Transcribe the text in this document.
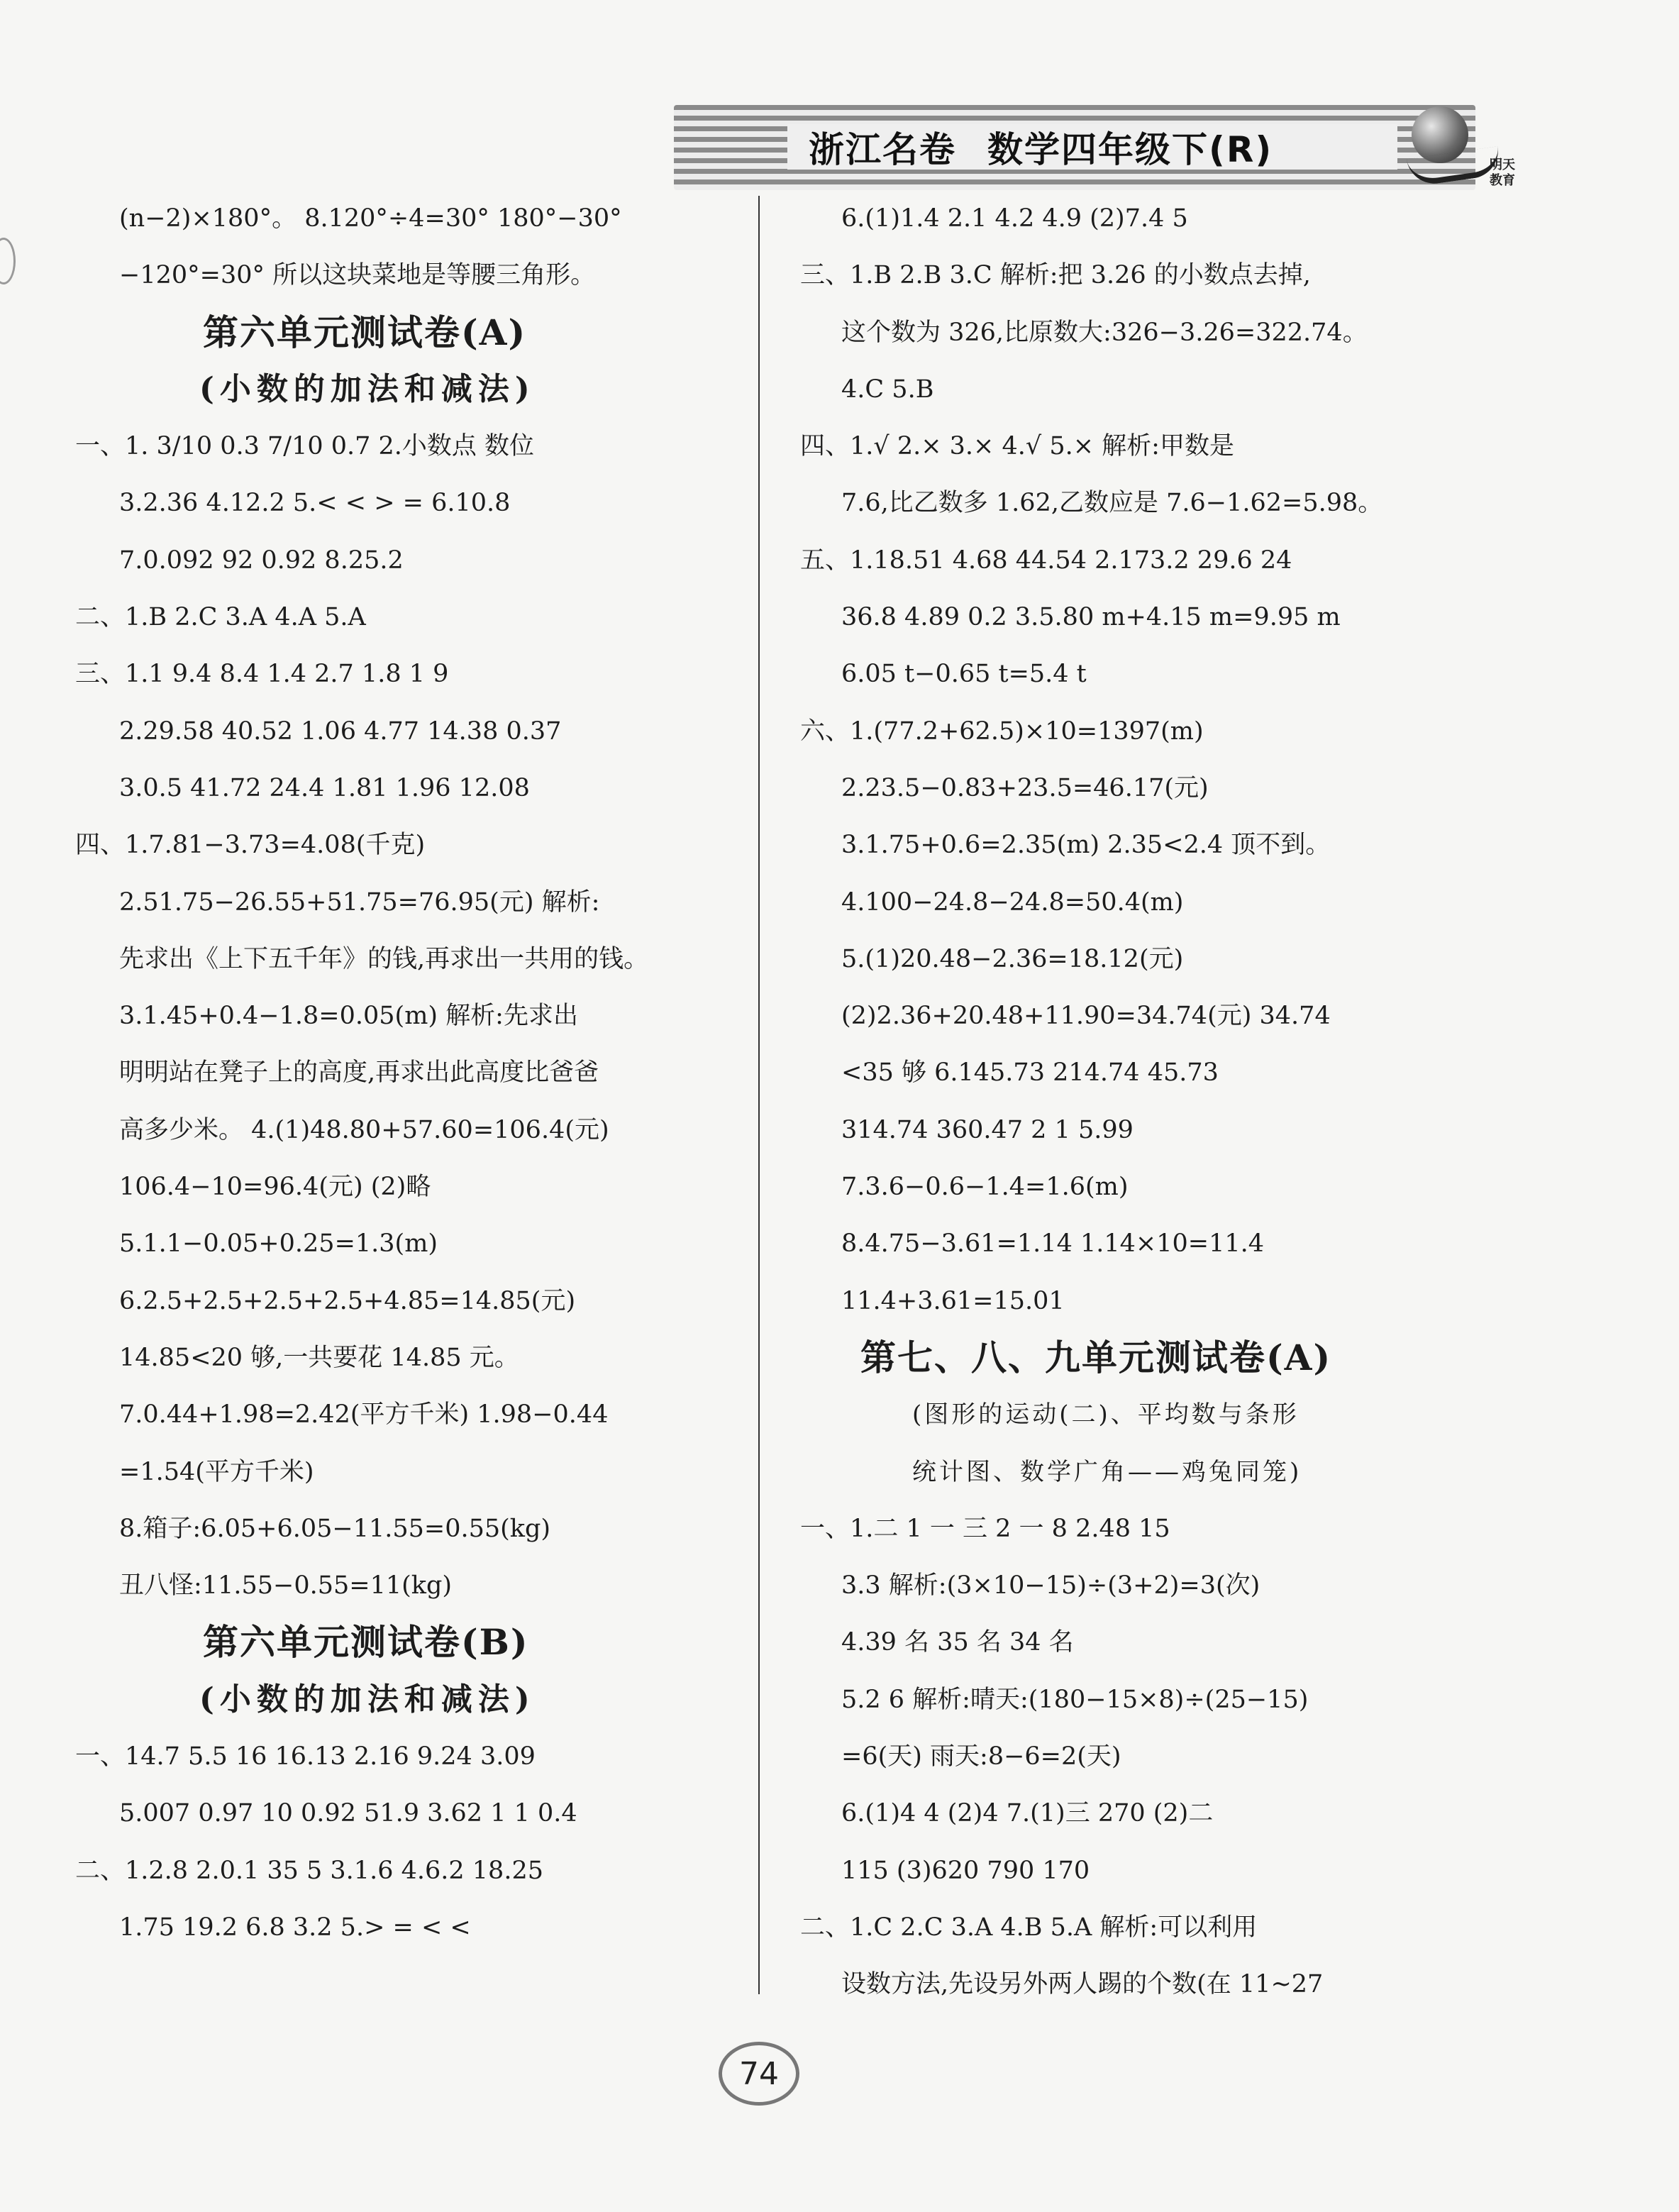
浙江名卷 数学四年级下(R)	明天教育
(n−2)×180°。 8.120°÷4=30° 180°−30°
−120°=30° 所以这块菜地是等腰三角形。
第六单元测试卷(A)
(小数的加法和减法)
一、1. 3/10 0.3 7/10 0.7 2.小数点 数位
3.2.36 4.12.2 5.< < > = 6.10.8
7.0.092 92 0.92 8.25.2
二、1.B 2.C 3.A 4.A 5.A
三、1.1 9.4 8.4 1.4 2.7 1.8 1 9
2.29.58 40.52 1.06 4.77 14.38 0.37
3.0.5 41.72 24.4 1.81 1.96 12.08
四、1.7.81−3.73=4.08(千克)
2.51.75−26.55+51.75=76.95(元) 解析:
先求出《上下五千年》的钱,再求出一共用的钱。
3.1.45+0.4−1.8=0.05(m) 解析:先求出
明明站在凳子上的高度,再求出此高度比爸爸
高多少米。 4.(1)48.80+57.60=106.4(元)
106.4−10=96.4(元) (2)略
5.1.1−0.05+0.25=1.3(m)
6.2.5+2.5+2.5+2.5+4.85=14.85(元)
14.85<20 够,一共要花 14.85 元。
7.0.44+1.98=2.42(平方千米) 1.98−0.44
=1.54(平方千米)
8.箱子:6.05+6.05−11.55=0.55(kg)
丑八怪:11.55−0.55=11(kg)
第六单元测试卷(B)
(小数的加法和减法)
一、14.7 5.5 16 16.13 2.16 9.24 3.09
5.007 0.97 10 0.92 51.9 3.62 1 1 0.4
二、1.2.8 2.0.1 35 5 3.1.6 4.6.2 18.25
1.75 19.2 6.8 3.2 5.> = < <
6.(1)1.4 2.1 4.2 4.9 (2)7.4 5
三、1.B 2.B 3.C 解析:把 3.26 的小数点去掉,
这个数为 326,比原数大:326−3.26=322.74。
4.C 5.B
四、1.√ 2.× 3.× 4.√ 5.× 解析:甲数是
7.6,比乙数多 1.62,乙数应是 7.6−1.62=5.98。
五、1.18.51 4.68 44.54 2.173.2 29.6 24
36.8 4.89 0.2 3.5.80 m+4.15 m=9.95 m
6.05 t−0.65 t=5.4 t
六、1.(77.2+62.5)×10=1397(m)
2.23.5−0.83+23.5=46.17(元)
3.1.75+0.6=2.35(m) 2.35<2.4 顶不到。
4.100−24.8−24.8=50.4(m)
5.(1)20.48−2.36=18.12(元)
(2)2.36+20.48+11.90=34.74(元) 34.74
<35 够 6.145.73 214.74 45.73
314.74 360.47 2 1 5.99
7.3.6−0.6−1.4=1.6(m)
8.4.75−3.61=1.14 1.14×10=11.4
11.4+3.61=15.01
第七、八、九单元测试卷(A)
(图形的运动(二)、平均数与条形
统计图、数学广角——鸡兔同笼)
一、1.二 1 一 三 2 一 8 2.48 15
3.3 解析:(3×10−15)÷(3+2)=3(次)
4.39 名 35 名 34 名
5.2 6 解析:晴天:(180−15×8)÷(25−15)
=6(天) 雨天:8−6=2(天)
6.(1)4 4 (2)4 7.(1)三 270 (2)二
115 (3)620 790 170
二、1.C 2.C 3.A 4.B 5.A 解析:可以利用
设数方法,先设另外两人踢的个数(在 11~27
74
